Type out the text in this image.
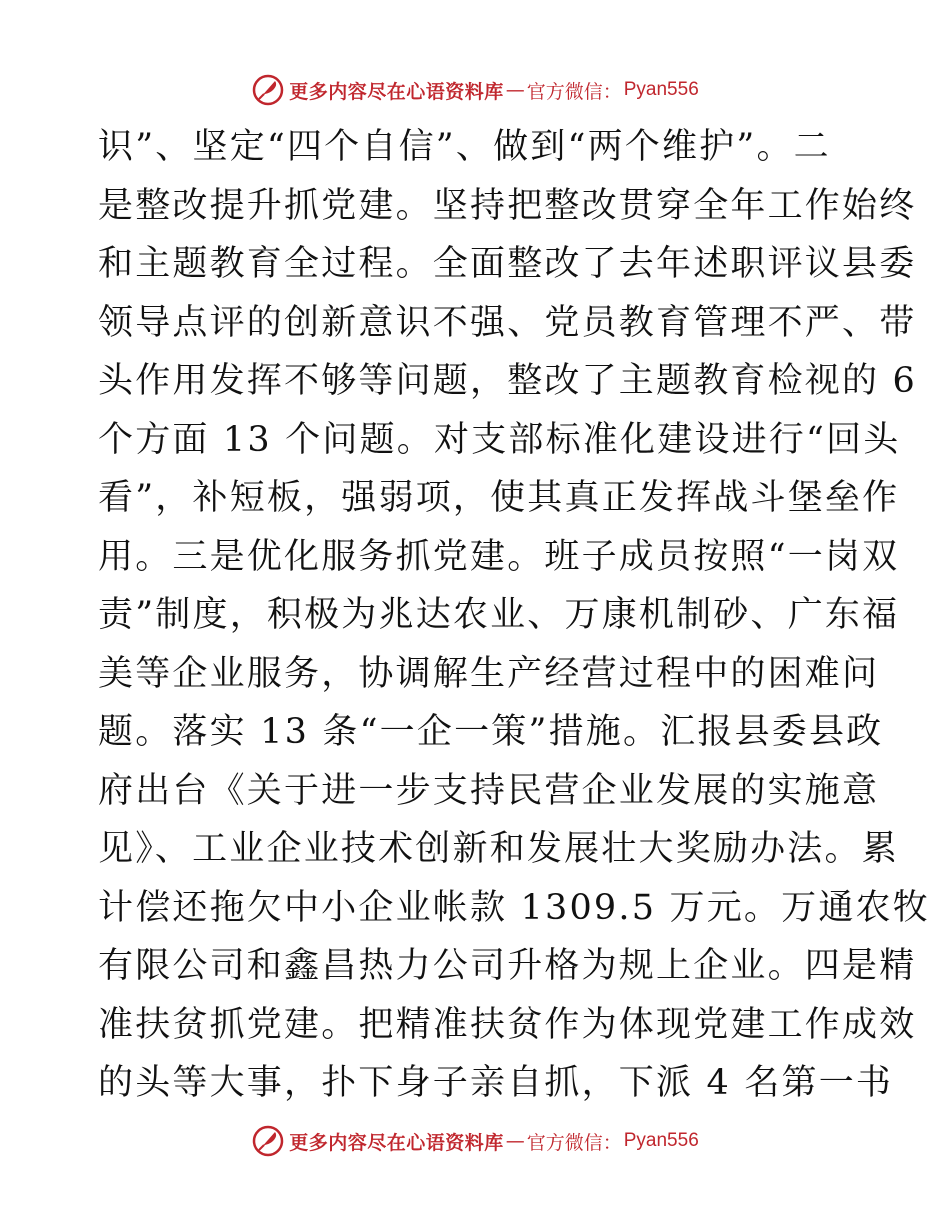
更多内容尽在心语资料库 — 官方微信： Pyan556
识”、坚定“四个自信”、做到“两个维护”。二
是整改提升抓党建。坚持把整改贯穿全年工作始终
和主题教育全过程。全面整改了去年述职评议县委
领导点评的创新意识不强、党员教育管理不严、带
头作用发挥不够等问题，整改了主题教育检视的 6
个方面 13 个问题。对支部标准化建设进行“回头
看”，补短板，强弱项，使其真正发挥战斗堡垒作
用。三是优化服务抓党建。班子成员按照“一岗双
责”制度，积极为兆达农业、万康机制砂、广东福
美等企业服务，协调解生产经营过程中的困难问
题。落实 13 条“一企一策”措施。汇报县委县政
府出台《关于进一步支持民营企业发展的实施意
见》、工业企业技术创新和发展壮大奖励办法。累
计偿还拖欠中小企业帐款 1309.5 万元。万通农牧
有限公司和鑫昌热力公司升格为规上企业。四是精
准扶贫抓党建。把精准扶贫作为体现党建工作成效
的头等大事，扑下身子亲自抓，下派 4 名第一书
更多内容尽在心语资料库 — 官方微信： Pyan556
